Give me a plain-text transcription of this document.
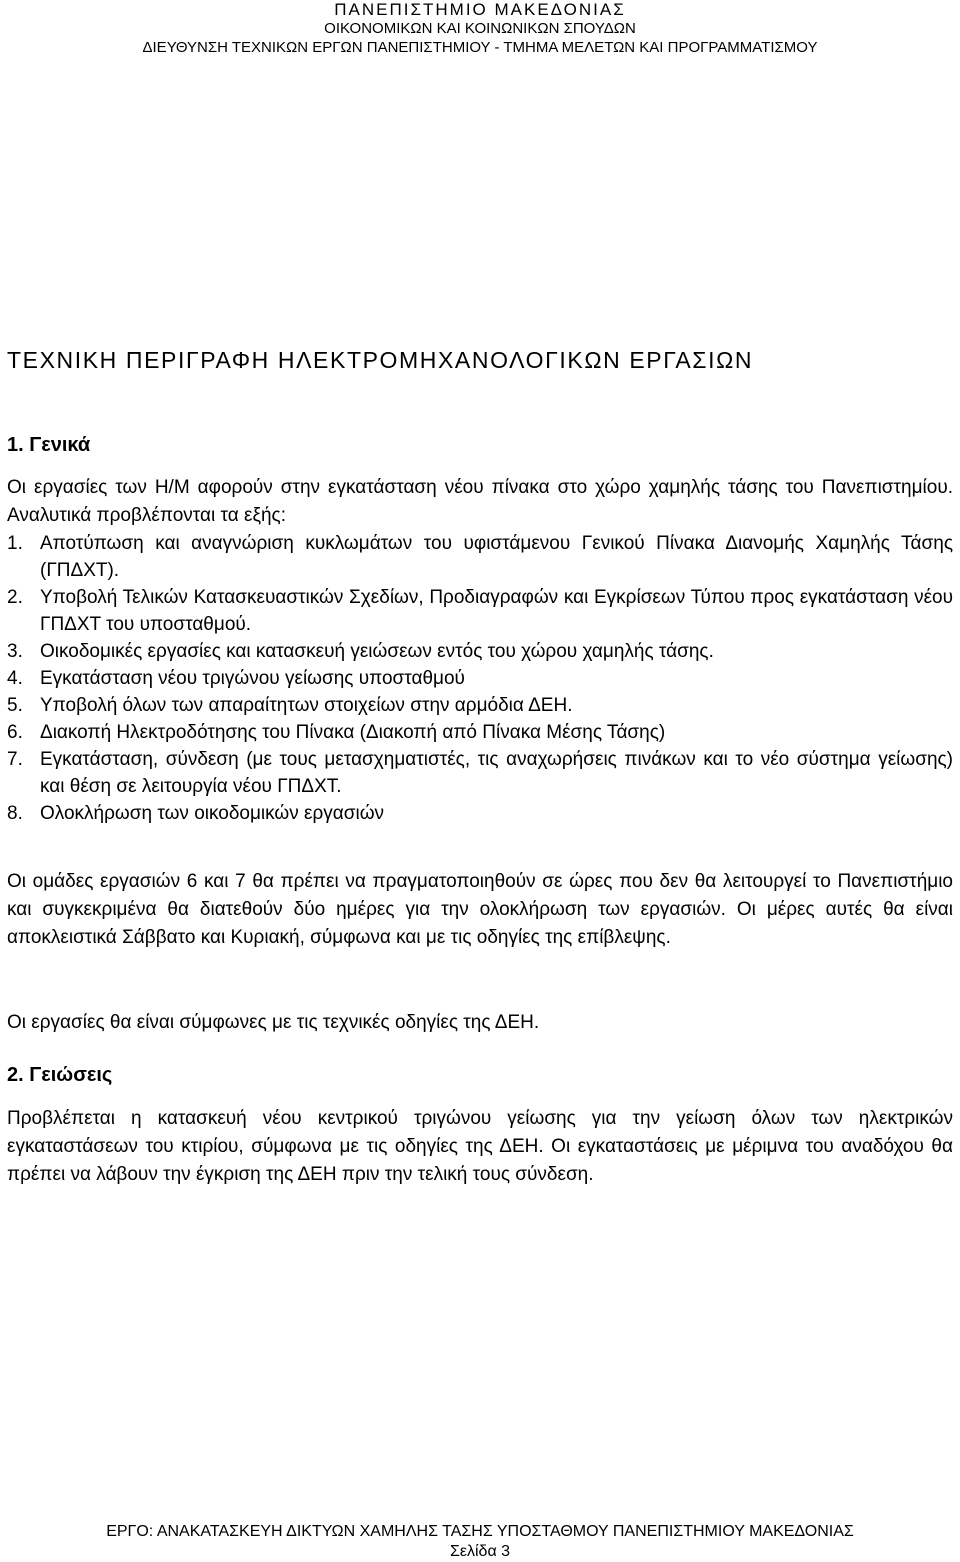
ΠΑΝΕΠΙΣΤΗΜΙΟ ΜΑΚΕΔΟΝΙΑΣ
ΟΙΚΟΝΟΜΙΚΩΝ ΚΑΙ ΚΟΙΝΩΝΙΚΩΝ ΣΠΟΥΔΩΝ
ΔΙΕΥΘΥΝΣΗ ΤΕΧΝΙΚΩΝ ΕΡΓΩΝ ΠΑΝΕΠΙΣΤΗΜΙΟΥ - ΤΜΗΜΑ ΜΕΛΕΤΩΝ ΚΑΙ ΠΡΟΓΡΑΜΜΑΤΙΣΜΟΥ
ΤΕΧΝΙΚΗ ΠΕΡΙΓΡΑΦΗ ΗΛΕΚΤΡΟΜΗΧΑΝΟΛΟΓΙΚΩΝ ΕΡΓΑΣΙΩΝ
1. Γενικά
Οι εργασίες των Η/Μ αφορούν στην εγκατάσταση νέου πίνακα στο χώρο χαμηλής τάσης του Πανεπιστημίου. Αναλυτικά προβλέπονται τα εξής:
1. Αποτύπωση και αναγνώριση κυκλωμάτων του υφιστάμενου Γενικού Πίνακα Διανομής Χαμηλής Τάσης (ΓΠΔΧΤ).
2. Υποβολή Τελικών Κατασκευαστικών Σχεδίων, Προδιαγραφών και Εγκρίσεων Τύπου προς εγκατάσταση νέου ΓΠΔΧΤ του υποσταθμού.
3. Οικοδομικές εργασίες και κατασκευή γειώσεων εντός του χώρου χαμηλής τάσης.
4. Εγκατάσταση νέου τριγώνου γείωσης υποσταθμού
5. Υποβολή όλων των απαραίτητων στοιχείων στην αρμόδια ΔΕΗ.
6. Διακοπή Ηλεκτροδότησης του Πίνακα (Διακοπή από Πίνακα Μέσης Τάσης)
7. Εγκατάσταση, σύνδεση (με τους μετασχηματιστές, τις αναχωρήσεις πινάκων και το νέο σύστημα γείωσης) και θέση σε λειτουργία νέου ΓΠΔΧΤ.
8. Ολοκλήρωση των οικοδομικών εργασιών
Οι ομάδες εργασιών 6 και 7 θα πρέπει να πραγματοποιηθούν σε ώρες που δεν θα λειτουργεί το Πανεπιστήμιο και συγκεκριμένα θα διατεθούν δύο ημέρες για την ολοκλήρωση των εργασιών. Οι μέρες αυτές θα είναι αποκλειστικά Σάββατο και Κυριακή, σύμφωνα και με τις οδηγίες της επίβλεψης.
Οι εργασίες θα είναι σύμφωνες με τις τεχνικές οδηγίες της ΔΕΗ.
2. Γειώσεις
Προβλέπεται η κατασκευή νέου κεντρικού τριγώνου γείωσης για την γείωση όλων των ηλεκτρικών εγκαταστάσεων του κτιρίου, σύμφωνα με τις οδηγίες της ΔΕΗ. Οι εγκαταστάσεις με μέριμνα του αναδόχου θα πρέπει να λάβουν την έγκριση της ΔΕΗ πριν την τελική τους σύνδεση.
ΕΡΓΟ: ΑΝΑΚΑΤΑΣΚΕΥΗ ΔΙΚΤΥΩΝ ΧΑΜΗΛΗΣ ΤΑΣΗΣ ΥΠΟΣΤΑΘΜΟΥ ΠΑΝΕΠΙΣΤΗΜΙΟΥ ΜΑΚΕΔΟΝΙΑΣ
Σελίδα 3
